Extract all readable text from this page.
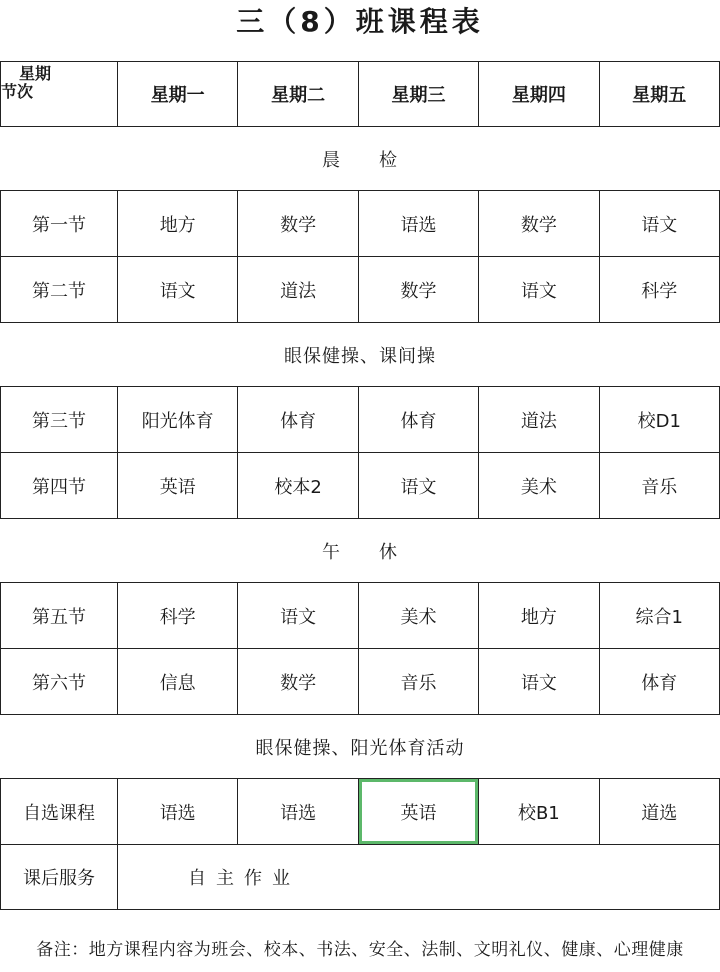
三（8）班课程表
星期
节次	星期一	星期二	星期三	星期四	星期五
晨　　检					
第一节	地方	数学	语选	数学	语文
第二节	语文	道法	数学	语文	科学
眼保健操、课间操					
第三节	阳光体育	体育	体育	道法	校D1
第四节	英语	校本2	语文	美术	音乐
午　　休					
第五节	科学	语文	美术	地方	综合1
第六节	信息	数学	音乐	语文	体育
眼保健操、阳光体育活动					
自选课程	语选	语选	英语	校B1	道选
课后服务	自主作业				
备注：地方课程内容为班会、校本、书法、安全、法制、文明礼仪、健康、心理健康
